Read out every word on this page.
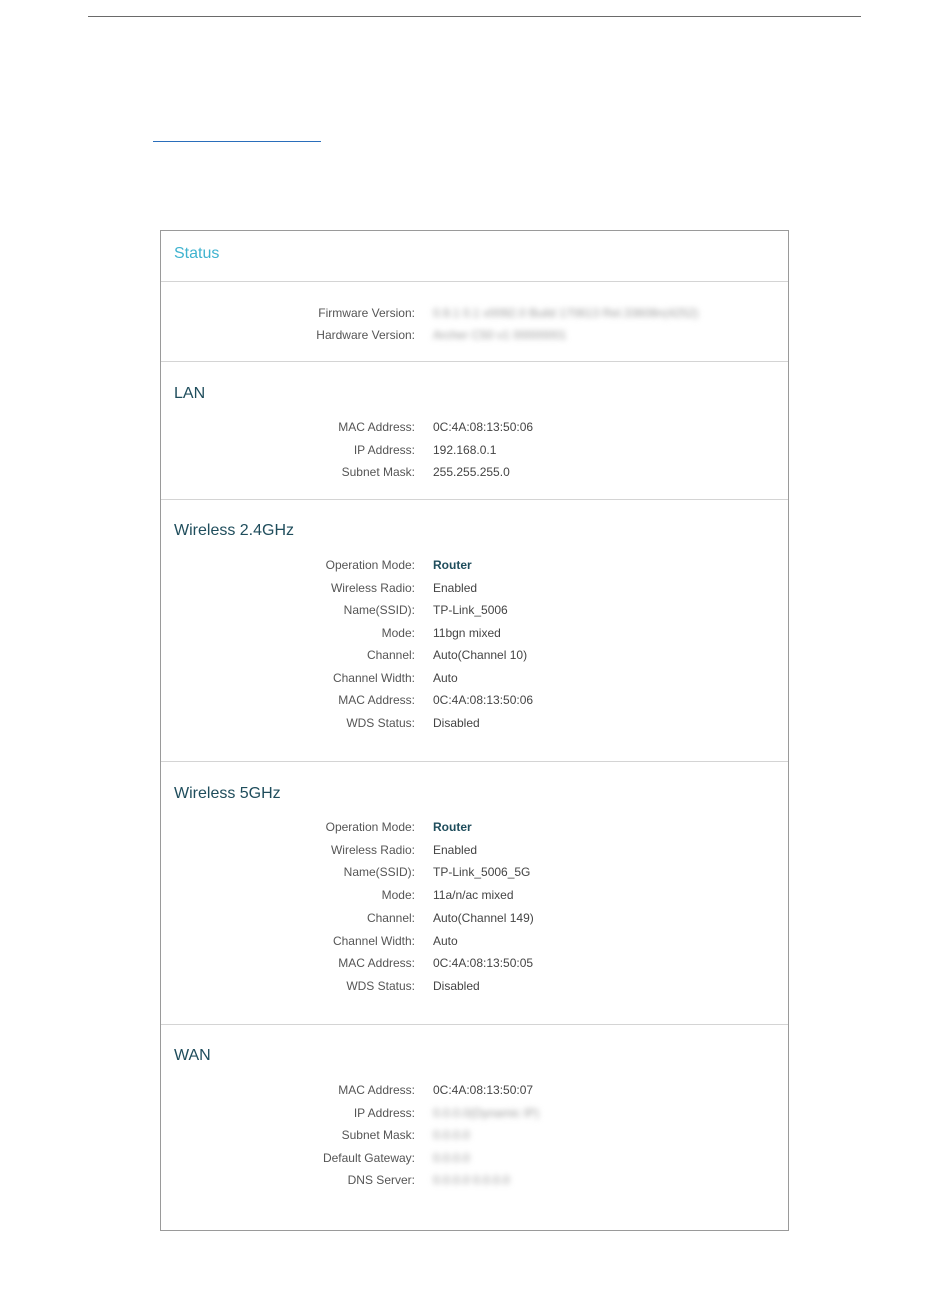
Status
Firmware Version: 0.9.1 0.1 v0092.0 Build 170613 Rel.33608n(4252)
Hardware Version: Archer C50 v1 00000001
LAN
MAC Address: 0C:4A:08:13:50:06
IP Address: 192.168.0.1
Subnet Mask: 255.255.255.0
Wireless 2.4GHz
Operation Mode: Router
Wireless Radio: Enabled
Name(SSID): TP-Link_5006
Mode: 11bgn mixed
Channel: Auto(Channel 10)
Channel Width: Auto
MAC Address: 0C:4A:08:13:50:06
WDS Status: Disabled
Wireless 5GHz
Operation Mode: Router
Wireless Radio: Enabled
Name(SSID): TP-Link_5006_5G
Mode: 11a/n/ac mixed
Channel: Auto(Channel 149)
Channel Width: Auto
MAC Address: 0C:4A:08:13:50:05
WDS Status: Disabled
WAN
MAC Address: 0C:4A:08:13:50:07
IP Address: 0.0.0.0(Dynamic IP)
Subnet Mask: 0.0.0.0
Default Gateway: 0.0.0.0
DNS Server: 0.0.0.0 0.0.0.0
